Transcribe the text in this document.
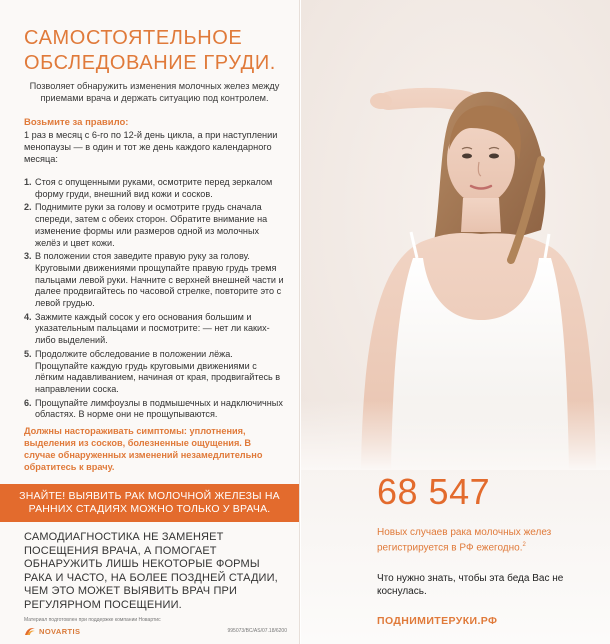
САМОСТОЯТЕЛЬНОЕ ОБСЛЕДОВАНИЕ ГРУДИ.

Позволяет обнаружить изменения молочных желез между приемами врача и держать ситуацию под контролем.

Возьмите за правило:

1 раз в месяц с 6-го по 12-й день цикла, а при наступлении менопаузы — в один и тот же день каждого календарного месяца:

1. Стоя с опущенными руками, осмотрите перед зеркалом форму груди, внешний вид кожи и сосков.
2. Поднимите руки за голову и осмотрите грудь сначала спереди, затем с обеих сторон. Обратите внимание на изменение формы или размеров одной из молочных желёз и цвет кожи.
3. В положении стоя заведите правую руку за голову. Круговыми движениями прощупайте правую грудь тремя пальцами левой руки. Начните с верхней внешней части и далее продвигайтесь по часовой стрелке, повторите это с левой грудью.
4. Зажмите каждый сосок у его основания большим и указательным пальцами и посмотрите: — нет ли каких-либо выделений.
5. Продолжите обследование в положении лёжа. Прощупайте каждую грудь круговыми движениями с лёгким надавливанием, начиная от края, продвигайтесь в направлении соска.
6. Прощупайте лимфоузлы в подмышечных и надключичных областях. В норме они не прощупываются.

Должны настораживать симптомы: уплотнения, выделения из сосков, болезненные ощущения. В случае обнаруженных изменений незамедлительно обратитесь к врачу.

ЗНАЙТЕ! ВЫЯВИТЬ РАК МОЛОЧНОЙ ЖЕЛЕЗЫ НА РАННИХ СТАДИЯХ МОЖНО ТОЛЬКО У ВРАЧА.

САМОДИАГНОСТИКА НЕ ЗАМЕНЯЕТ ПОСЕЩЕНИЯ ВРАЧА, А ПОМОГАЕТ ОБНАРУЖИТЬ ЛИШЬ НЕКОТОРЫЕ ФОРМЫ РАКА И ЧАСТО, НА БОЛЕЕ ПОЗДНЕЙ СТАДИИ, ЧЕМ ЭТО МОЖЕТ ВЫЯВИТЬ ВРАЧ ПРИ РЕГУЛЯРНОМ ПОСЕЩЕНИИ.

Материал подготовлен при поддержке компании Новартис
NOVARTIS	995073/BC/AS/07.18/6200
68 547

Новых случаев рака молочных желез регистрируется в РФ ежегодно.$^2$

Что нужно знать, чтобы эта беда Вас не коснулась.

ПОДНИМИТЕРУКИ.РФ
